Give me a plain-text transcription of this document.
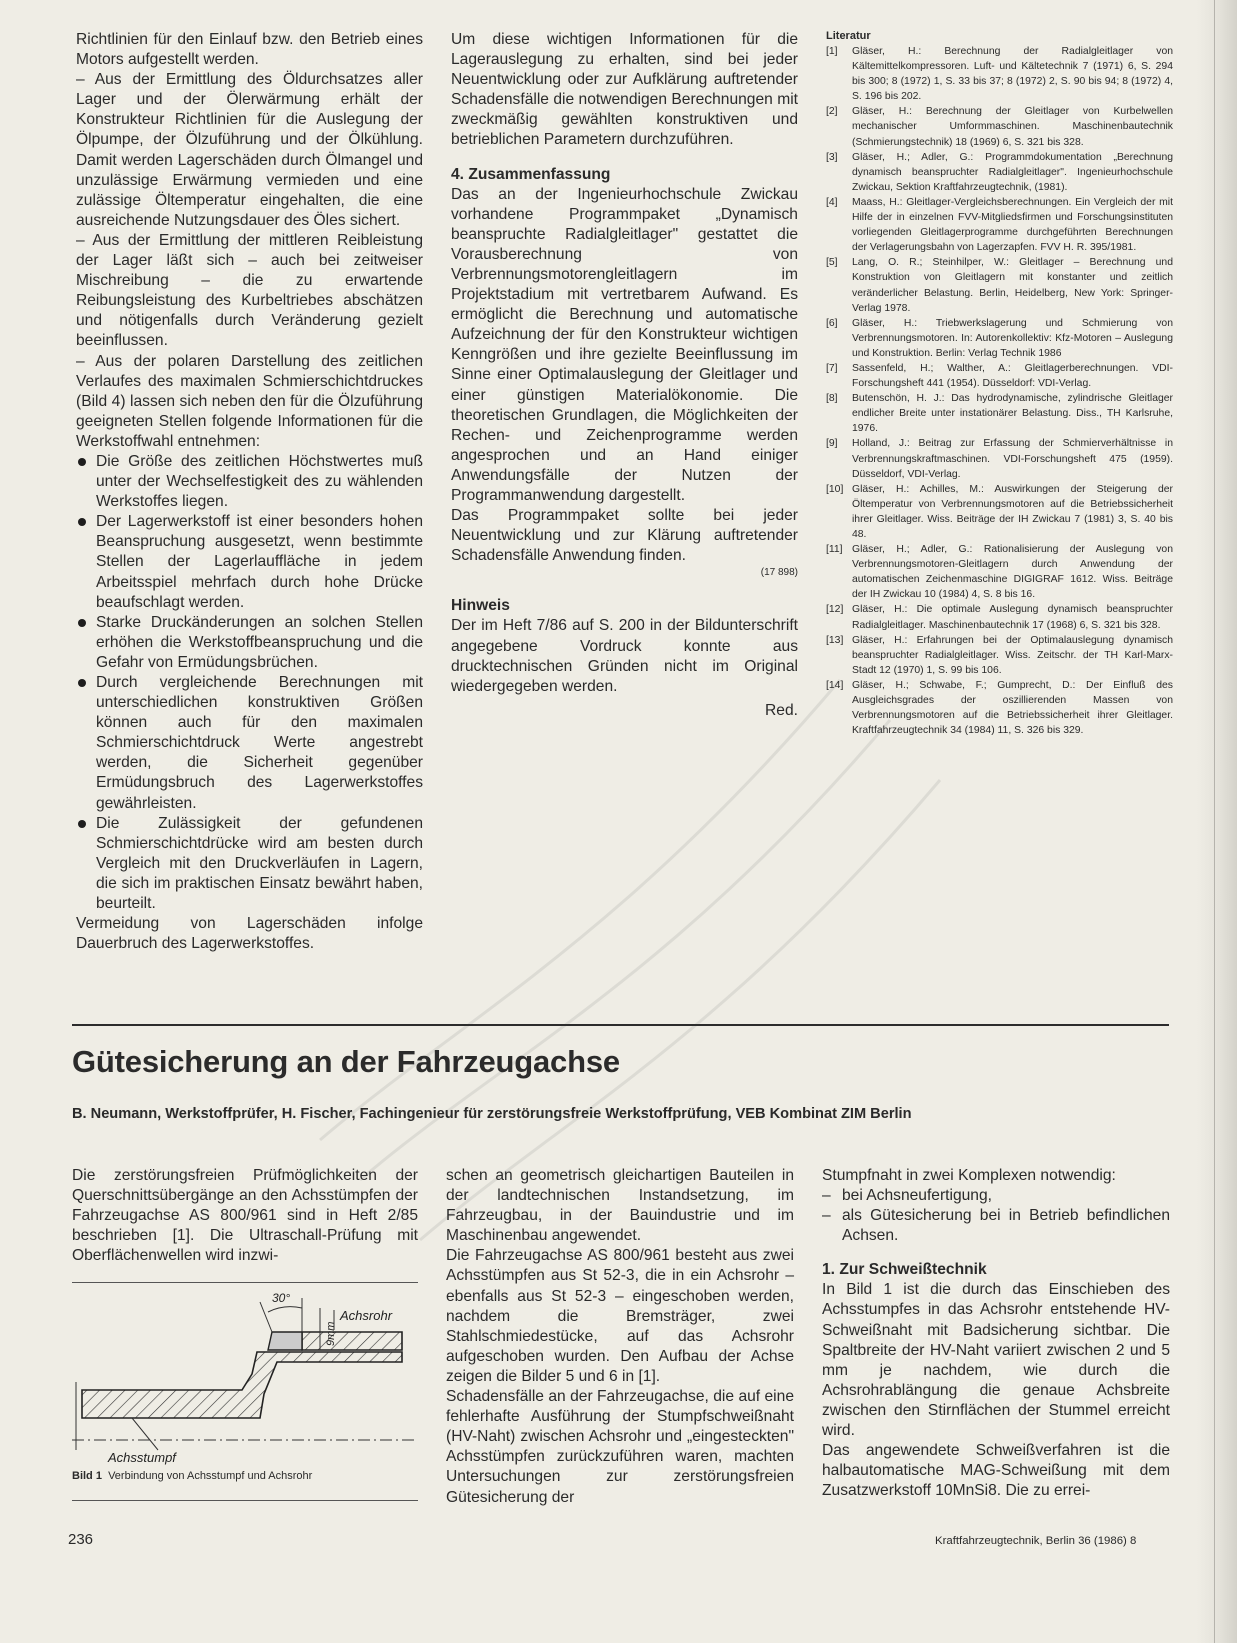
Richtlinien für den Einlauf bzw. den Betrieb eines Motors aufgestellt werden.

– Aus der Ermittlung des Öldurchsatzes aller Lager und der Ölerwärmung erhält der Konstrukteur Richtlinien für die Auslegung der Ölpumpe, der Ölzuführung und der Ölkühlung. Damit werden Lagerschäden durch Ölmangel und unzulässige Erwärmung vermieden und eine zulässige Öltemperatur eingehalten, die eine ausreichende Nutzungsdauer des Öles sichert.

– Aus der Ermittlung der mittleren Reibleistung der Lager läßt sich – auch bei zeitweiser Mischreibung – die zu erwartende Reibungsleistung des Kurbeltriebes abschätzen und nötigenfalls durch Veränderung gezielt beeinflussen.

– Aus der polaren Darstellung des zeitlichen Verlaufes des maximalen Schmierschichtdruckes (Bild 4) lassen sich neben den für die Ölzuführung geeigneten Stellen folgende Informationen für die Werkstoffwahl entnehmen:

Die Größe des zeitlichen Höchstwertes muß unter der Wechselfestigkeit des zu wählenden Werkstoffes liegen.
Der Lagerwerkstoff ist einer besonders hohen Beanspruchung ausgesetzt, wenn bestimmte Stellen der Lagerlauffläche in jedem Arbeitsspiel mehrfach durch hohe Drücke beaufschlagt werden.
Starke Druckänderungen an solchen Stellen erhöhen die Werkstoffbeanspruchung und die Gefahr von Ermüdungsbrüchen.
Durch vergleichende Berechnungen mit unterschiedlichen konstruktiven Größen können auch für den maximalen Schmierschichtdruck Werte angestrebt werden, die Sicherheit gegenüber Ermüdungsbruch des Lagerwerkstoffes gewährleisten.
Die Zulässigkeit der gefundenen Schmierschichtdrücke wird am besten durch Vergleich mit den Druckverläufen in Lagern, die sich im praktischen Einsatz bewährt haben, beurteilt.

Vermeidung von Lagerschäden infolge Dauerbruch des Lagerwerkstoffes.

Um diese wichtigen Informationen für die Lagerauslegung zu erhalten, sind bei jeder Neuentwicklung oder zur Aufklärung auftretender Schadensfälle die notwendigen Berechnungen mit zweckmäßig gewählten konstruktiven und betrieblichen Parametern durchzuführen.

4. Zusammenfassung

Das an der Ingenieurhochschule Zwickau vorhandene Programmpaket „Dynamisch beanspruchte Radialgleitlager" gestattet die Vorausberechnung von Verbrennungsmotorengleitlagern im Projektstadium mit vertretbarem Aufwand. Es ermöglicht die Berechnung und automatische Aufzeichnung der für den Konstrukteur wichtigen Kenngrößen und ihre gezielte Beeinflussung im Sinne einer Optimalauslegung der Gleitlager und einer günstigen Materialökonomie. Die theoretischen Grundlagen, die Möglichkeiten der Rechen- und Zeichenprogramme werden angesprochen und an Hand einiger Anwendungsfälle der Nutzen der Programmanwendung dargestellt.

Das Programmpaket sollte bei jeder Neuentwicklung und zur Klärung auftretender Schadensfälle Anwendung finden.

(17 898)

Hinweis

Der im Heft 7/86 auf S. 200 in der Bildunterschrift angegebene Vordruck konnte aus drucktechnischen Gründen nicht im Original wiedergegeben werden.

Red.

Literatur

[1] Gläser, H.: Berechnung der Radialgleitlager von Kältemittelkompressoren. Luft- und Kältetechnik 7 (1971) 6, S. 294 bis 300; 8 (1972) 1, S. 33 bis 37; 8 (1972) 2, S. 90 bis 94; 8 (1972) 4, S. 196 bis 202.
[2] Gläser, H.: Berechnung der Gleitlager von Kurbelwellen mechanischer Umformmaschinen. Maschinenbautechnik (Schmierungstechnik) 18 (1969) 6, S. 321 bis 328.
[3] Gläser, H.; Adler, G.: Programmdokumentation „Berechnung dynamisch beanspruchter Radialgleitlager". Ingenieurhochschule Zwickau, Sektion Kraftfahrzeugtechnik, (1981).
[4] Maass, H.: Gleitlager-Vergleichsberechnungen. Ein Vergleich der mit Hilfe der in einzelnen FVV-Mitgliedsfirmen und Forschungsinstituten vorliegenden Gleitlagerprogramme durchgeführten Berechnungen der Verlagerungsbahn von Lagerzapfen. FVV H. R. 395/1981.
[5] Lang, O. R.; Steinhilper, W.: Gleitlager – Berechnung und Konstruktion von Gleitlagern mit konstanter und zeitlich veränderlicher Belastung. Berlin, Heidelberg, New York: Springer-Verlag 1978.
[6] Gläser, H.: Triebwerkslagerung und Schmierung von Verbrennungsmotoren. In: Autorenkollektiv: Kfz-Motoren – Auslegung und Konstruktion. Berlin: Verlag Technik 1986
[7] Sassenfeld, H.; Walther, A.: Gleitlagerberechnungen. VDI-Forschungsheft 441 (1954). Düsseldorf: VDI-Verlag.
[8] Butenschön, H. J.: Das hydrodynamische, zylindrische Gleitlager endlicher Breite unter instationärer Belastung. Diss., TH Karlsruhe, 1976.
[9] Holland, J.: Beitrag zur Erfassung der Schmierverhältnisse in Verbrennungskraftmaschinen. VDI-Forschungsheft 475 (1959). Düsseldorf, VDI-Verlag.
[10] Gläser, H.: Achilles, M.: Auswirkungen der Steigerung der Öltemperatur von Verbrennungsmotoren auf die Betriebssicherheit ihrer Gleitlager. Wiss. Beiträge der IH Zwickau 7 (1981) 3, S. 40 bis 48.
[11] Gläser, H.; Adler, G.: Rationalisierung der Auslegung von Verbrennungsmotoren-Gleitlagern durch Anwendung der automatischen Zeichenmaschine DIGIGRAF 1612. Wiss. Beiträge der IH Zwickau 10 (1984) 4, S. 8 bis 16.
[12] Gläser, H.: Die optimale Auslegung dynamisch beanspruchter Radialgleitlager. Maschinenbautechnik 17 (1968) 6, S. 321 bis 328.
[13] Gläser, H.: Erfahrungen bei der Optimalauslegung dynamisch beanspruchter Radialgleitlager. Wiss. Zeitschr. der TH Karl-Marx-Stadt 12 (1970) 1, S. 99 bis 106.
[14] Gläser, H.; Schwabe, F.; Gumprecht, D.: Der Einfluß des Ausgleichsgrades der oszillierenden Massen von Verbrennungsmotoren auf die Betriebssicherheit ihrer Gleitlager. Kraftfahrzeugtechnik 34 (1984) 11, S. 326 bis 329.
Gütesicherung an der Fahrzeugachse

B. Neumann, Werkstoffprüfer, H. Fischer, Fachingenieur für zerstörungsfreie Werkstoffprüfung, VEB Kombinat ZIM Berlin

Die zerstörungsfreien Prüfmöglichkeiten der Querschnittsübergänge an den Achsstümpfen der Fahrzeugachse AS 800/961 sind in Heft 2/85 beschrieben [1]. Die Ultraschall-Prüfung mit Oberflächenwellen wird inzwi-

30°
9mm
Achsrohr
Achsstumpf
Bild 1 Verbindung von Achsstumpf und Achsrohr

schen an geometrisch gleichartigen Bauteilen in der landtechnischen Instandsetzung, im Fahrzeugbau, in der Bauindustrie und im Maschinenbau angewendet.

Die Fahrzeugachse AS 800/961 besteht aus zwei Achsstümpfen aus St 52-3, die in ein Achsrohr – ebenfalls aus St 52-3 – eingeschoben werden, nachdem die Bremsträger, zwei Stahlschmiedestücke, auf das Achsrohr aufgeschoben wurden. Den Aufbau der Achse zeigen die Bilder 5 und 6 in [1].

Schadensfälle an der Fahrzeugachse, die auf eine fehlerhafte Ausführung der Stumpfschweißnaht (HV-Naht) zwischen Achsrohr und „eingesteckten" Achsstümpfen zurückzuführen waren, machten Untersuchungen zur zerstörungsfreien Gütesicherung der

Stumpfnaht in zwei Komplexen notwendig:

– bei Achsneufertigung,
– als Gütesicherung bei in Betrieb befindlichen Achsen.

1. Zur Schweißtechnik

In Bild 1 ist die durch das Einschieben des Achsstumpfes in das Achsrohr entstehende HV-Schweißnaht mit Badsicherung sichtbar. Die Spaltbreite der HV-Naht variiert zwischen 2 und 5 mm je nachdem, wie durch die Achsrohrablängung die genaue Achsbreite zwischen den Stirnflächen der Stummel erreicht wird.

Das angewendete Schweißverfahren ist die halbautomatische MAG-Schweißung mit dem Zusatzwerkstoff 10MnSi8. Die zu errei-

236	Kraftfahrzeugtechnik, Berlin 36 (1986) 8
